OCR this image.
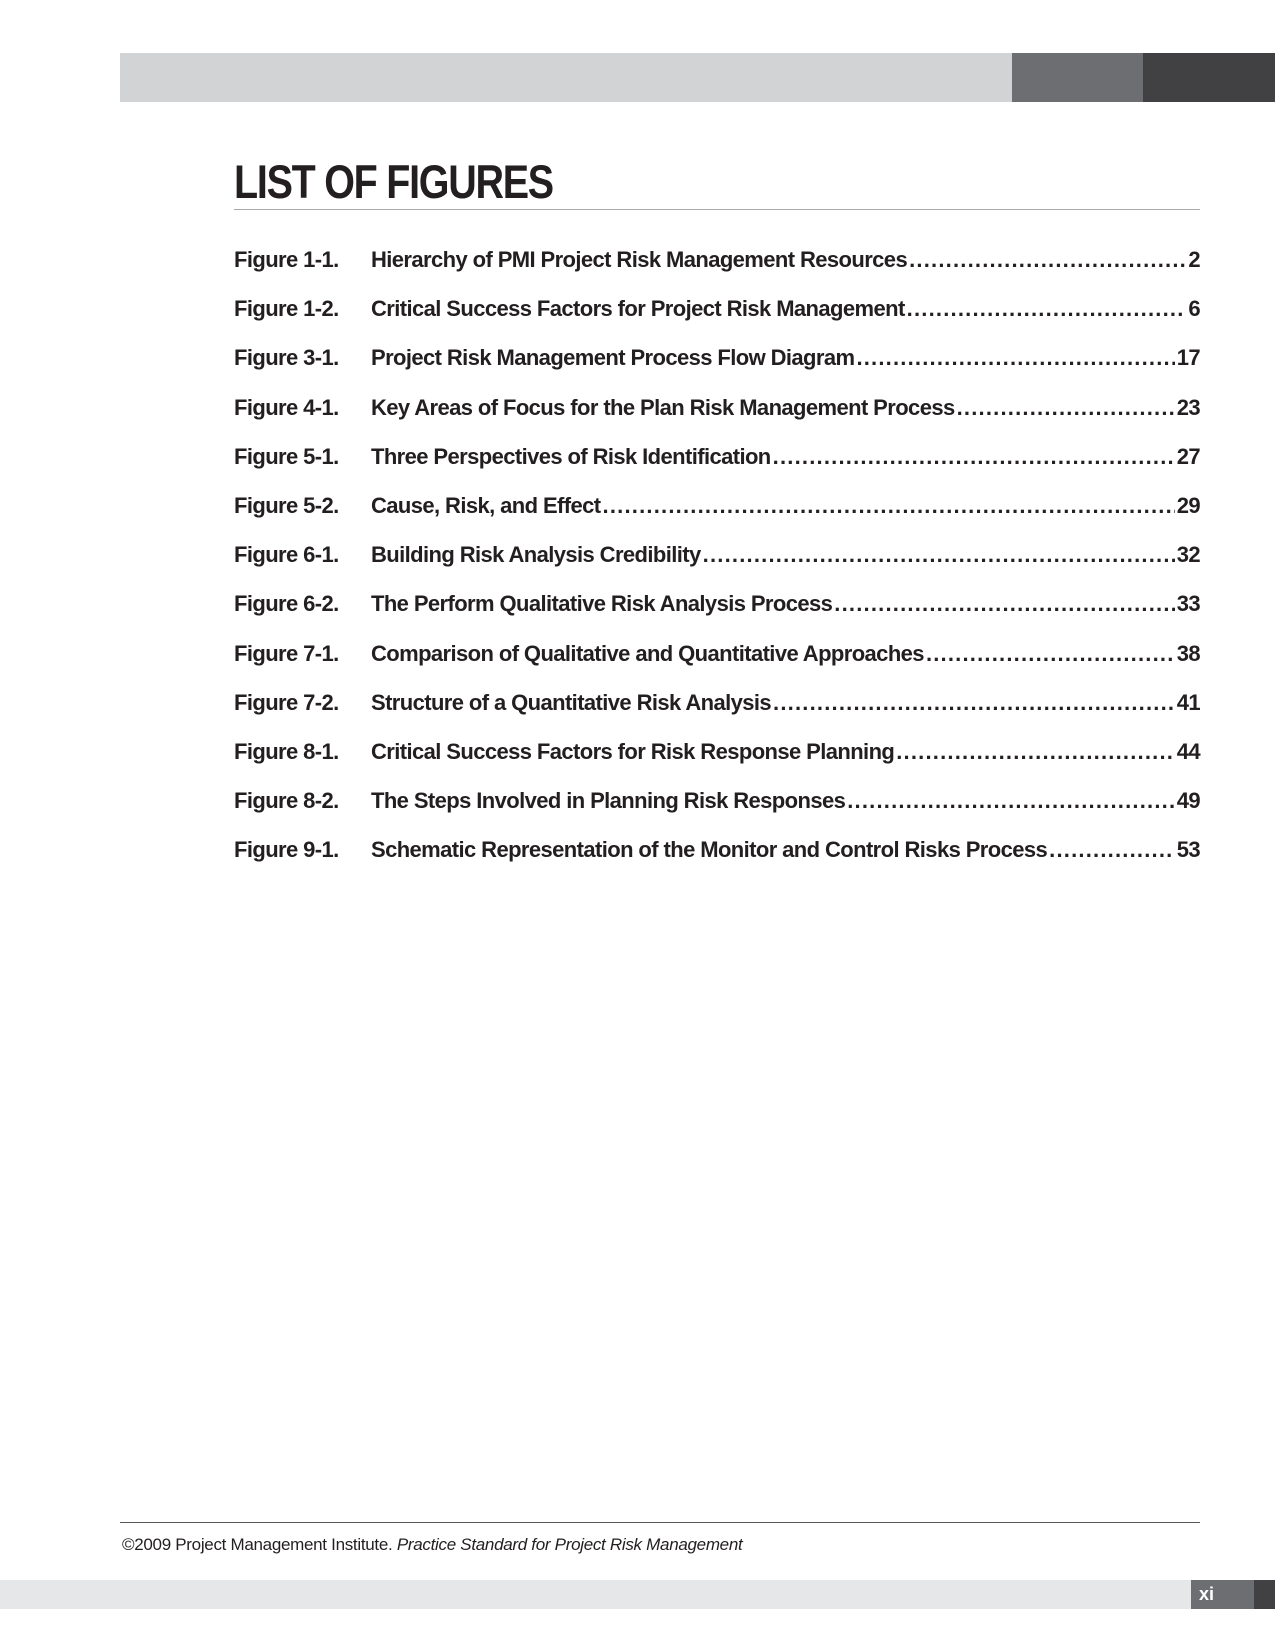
LIST OF FIGURES
Figure 1-1.	Hierarchy of PMI Project Risk Management Resources .....	2
Figure 1-2.	Critical Success Factors for Project Risk Management .....	6
Figure 3-1.	Project Risk Management Process Flow Diagram .....	17
Figure 4-1.	Key Areas of Focus for the Plan Risk Management Process .....	23
Figure 5-1.	Three Perspectives of Risk Identification .....	27
Figure 5-2.	Cause, Risk, and Effect .....	29
Figure 6-1.	Building Risk Analysis Credibility .....	32
Figure 6-2.	The Perform Qualitative Risk Analysis Process .....	33
Figure 7-1.	Comparison of Qualitative and Quantitative Approaches .....	38
Figure 7-2.	Structure of a Quantitative Risk Analysis .....	41
Figure 8-1.	Critical Success Factors for Risk Response Planning .....	44
Figure 8-2.	The Steps Involved in Planning Risk Responses .....	49
Figure 9-1.	Schematic Representation of the Monitor and Control Risks Process .....	53
©2009 Project Management Institute. Practice Standard for Project Risk Management
xi
